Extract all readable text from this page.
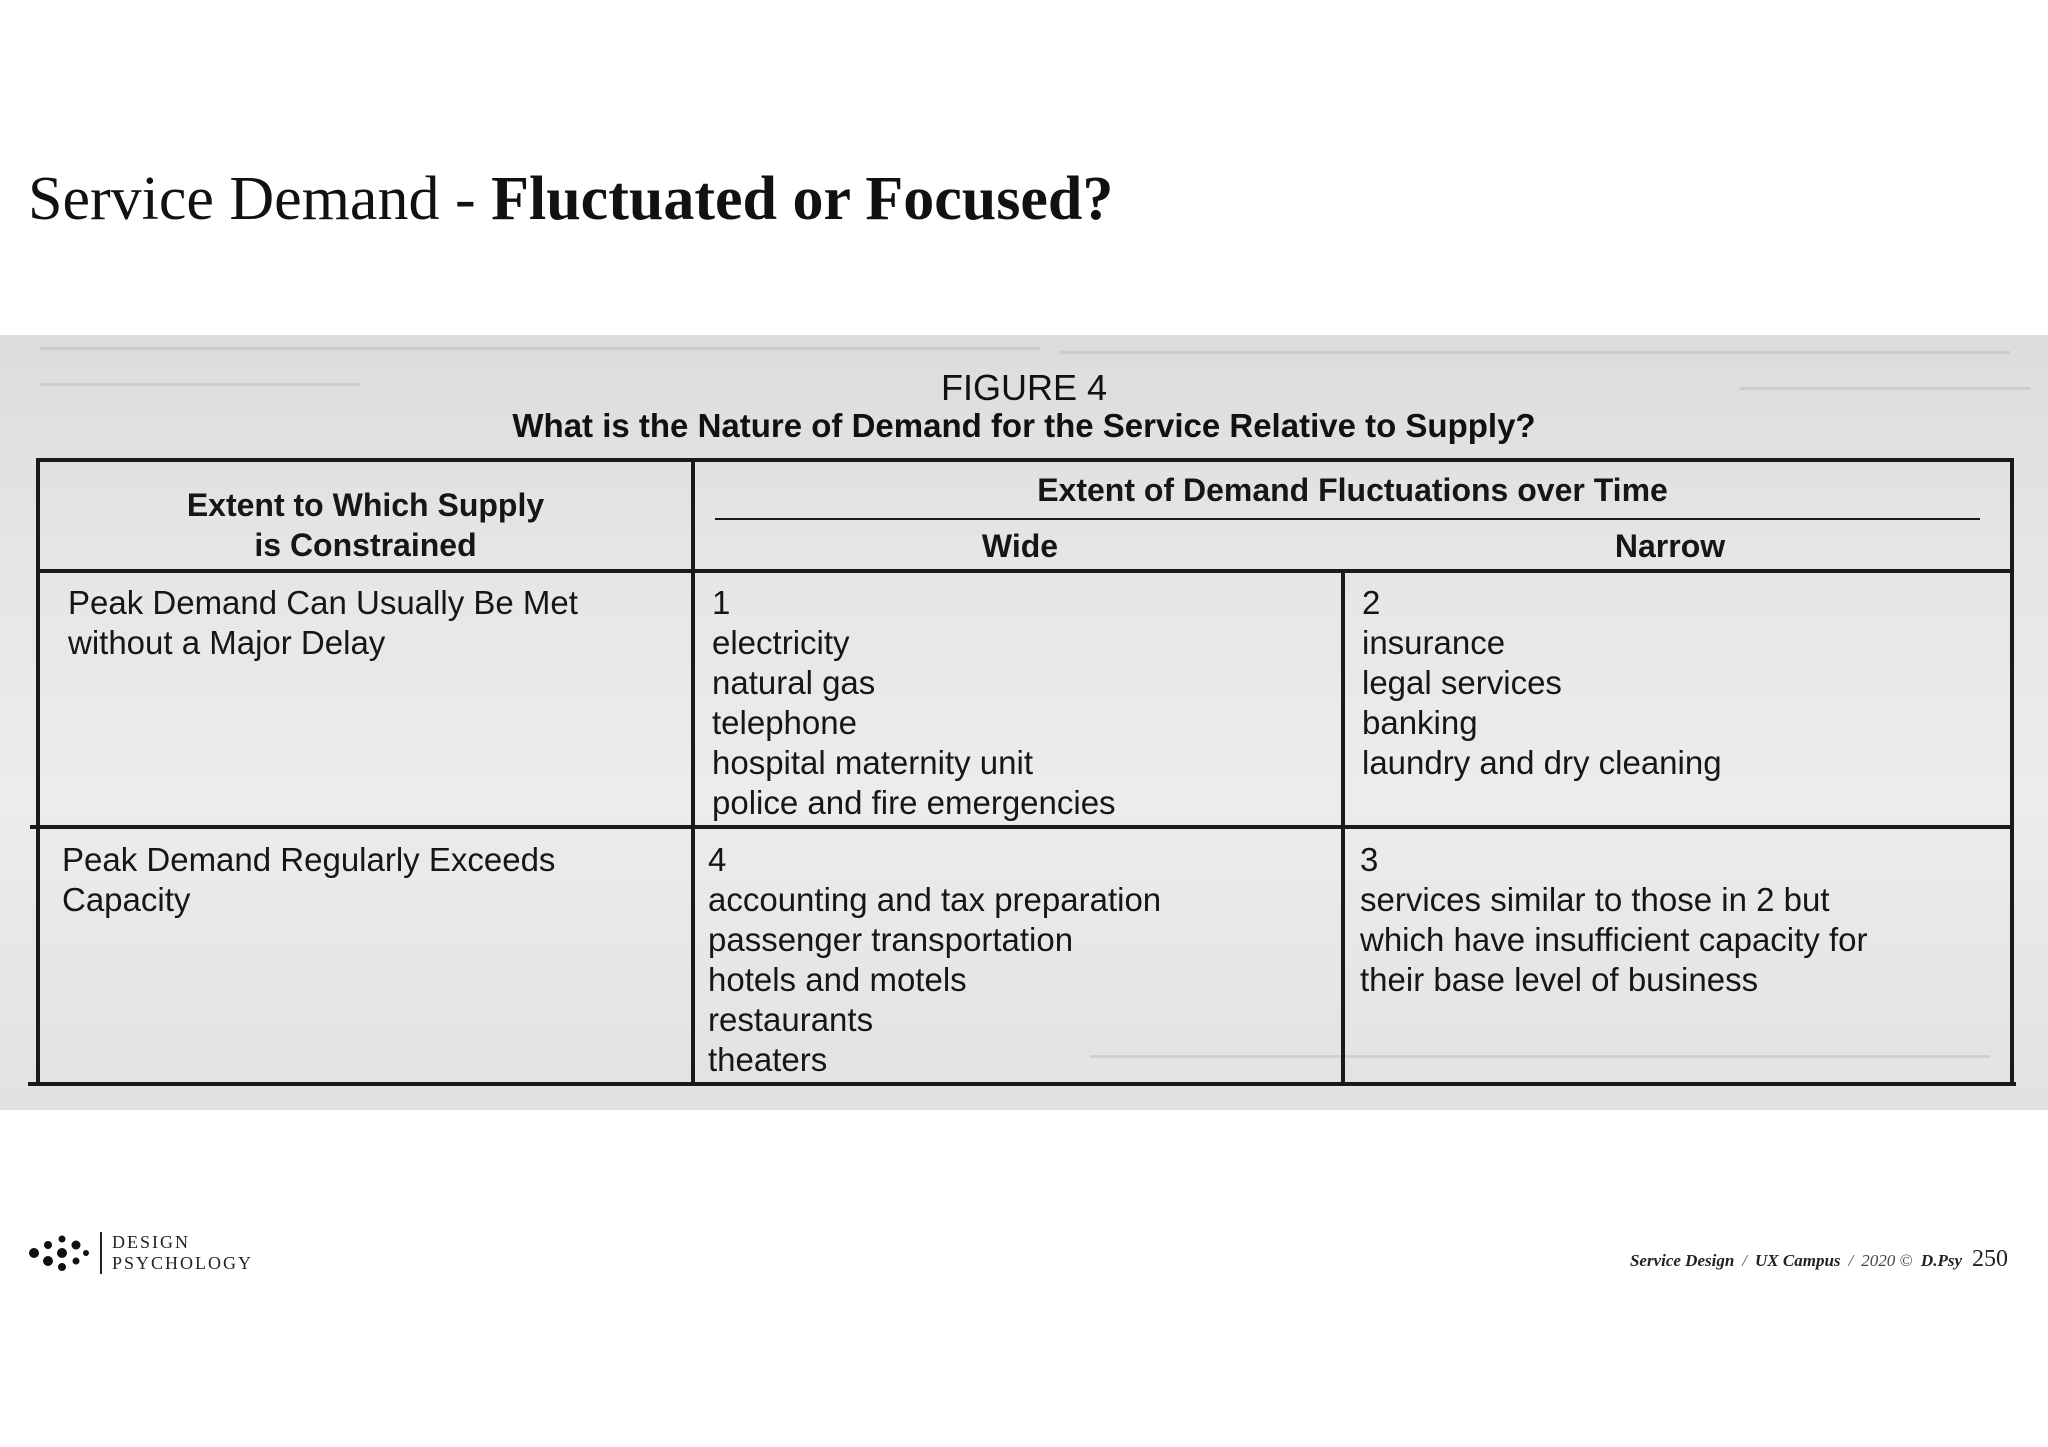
Service Demand - Fluctuated or Focused?
FIGURE 4
What is the Nature of Demand for the Service Relative to Supply?
Extent to Which Supply
is Constrained
Extent of Demand Fluctuations over Time
Wide	Narrow
Peak Demand Can Usually Be Met
without a Major Delay
1
electricity
natural gas
telephone
hospital maternity unit
police and fire emergencies
2
insurance
legal services
banking
laundry and dry cleaning
Peak Demand Regularly Exceeds
Capacity
4
accounting and tax preparation
passenger transportation
hotels and motels
restaurants
theaters
3
services similar to those in 2 but
which have insufficient capacity for
their base level of business
DESIGN
PSYCHOLOGY	Service Design / UX Campus / 2020 © D.Psy 250
